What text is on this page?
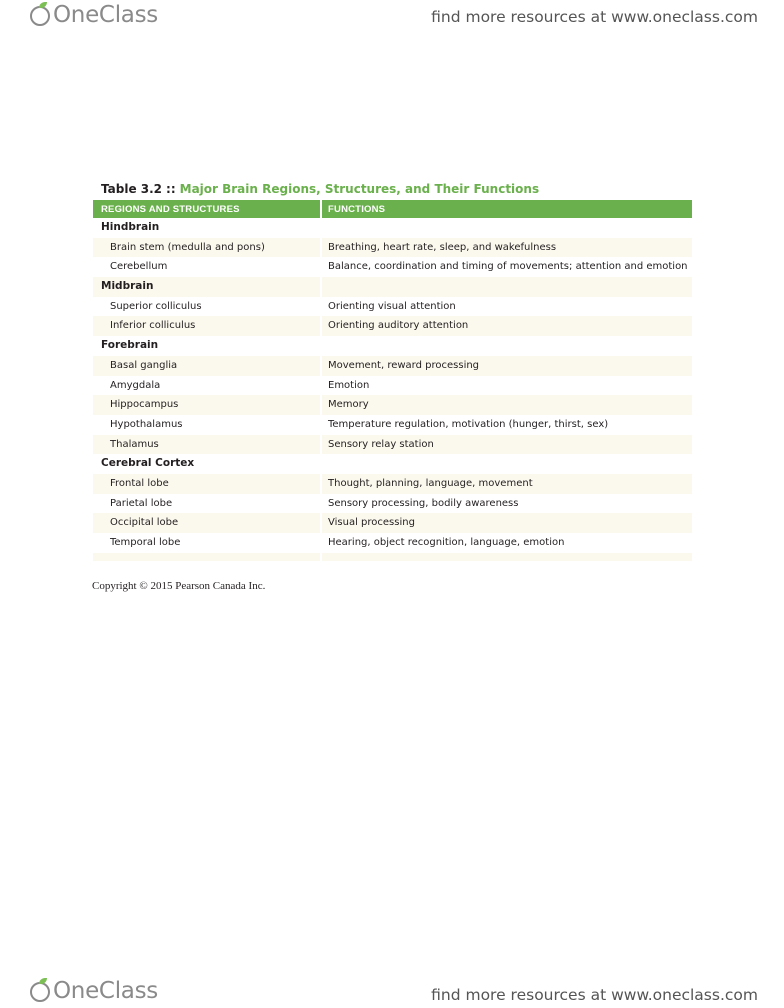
OneClass	find more resources at www.oneclass.com
Table 3.2 :: Major Brain Regions, Structures, and Their Functions
REGIONS AND STRUCTURES	FUNCTIONS
Hindbrain
Brain stem (medulla and pons)	Breathing, heart rate, sleep, and wakefulness
Cerebellum	Balance, coordination and timing of movements; attention and emotion
Midbrain
Superior colliculus	Orienting visual attention
Inferior colliculus	Orienting auditory attention
Forebrain
Basal ganglia	Movement, reward processing
Amygdala	Emotion
Hippocampus	Memory
Hypothalamus	Temperature regulation, motivation (hunger, thirst, sex)
Thalamus	Sensory relay station
Cerebral Cortex
Frontal lobe	Thought, planning, language, movement
Parietal lobe	Sensory processing, bodily awareness
Occipital lobe	Visual processing
Temporal lobe	Hearing, object recognition, language, emotion
Copyright © 2015 Pearson Canada Inc.
OneClass	find more resources at www.oneclass.com
